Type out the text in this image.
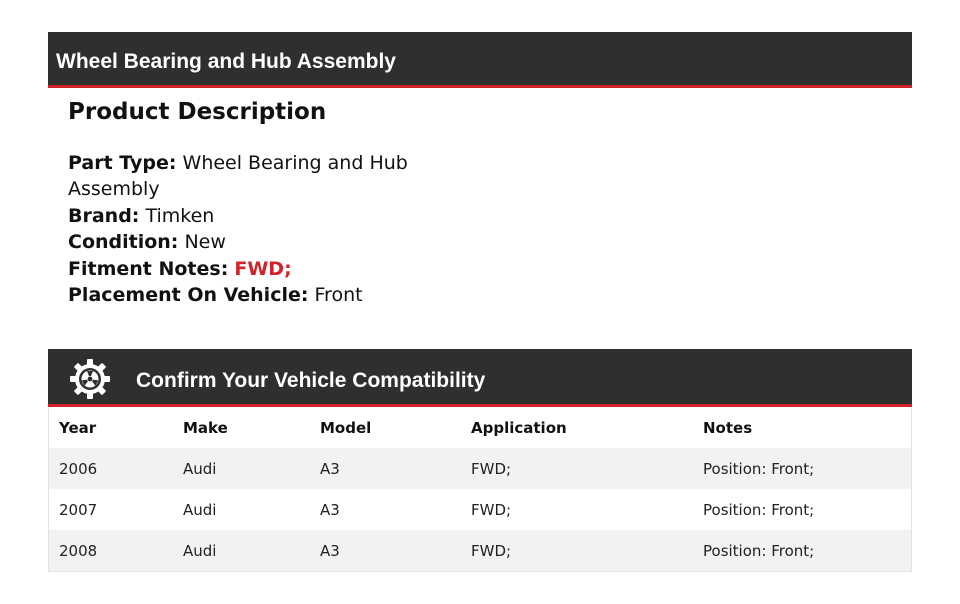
Wheel Bearing and Hub Assembly
Product Description

Part Type: Wheel Bearing and Hub Assembly

Brand: Timken

Condition: New

Fitment Notes: FWD;

Placement On Vehicle: Front

Confirm Your Vehicle Compatibility
Year	Make	Model	Application	Notes
2006	Audi	A3	FWD;	Position: Front;
2007	Audi	A3	FWD;	Position: Front;
2008	Audi	A3	FWD;	Position: Front;
